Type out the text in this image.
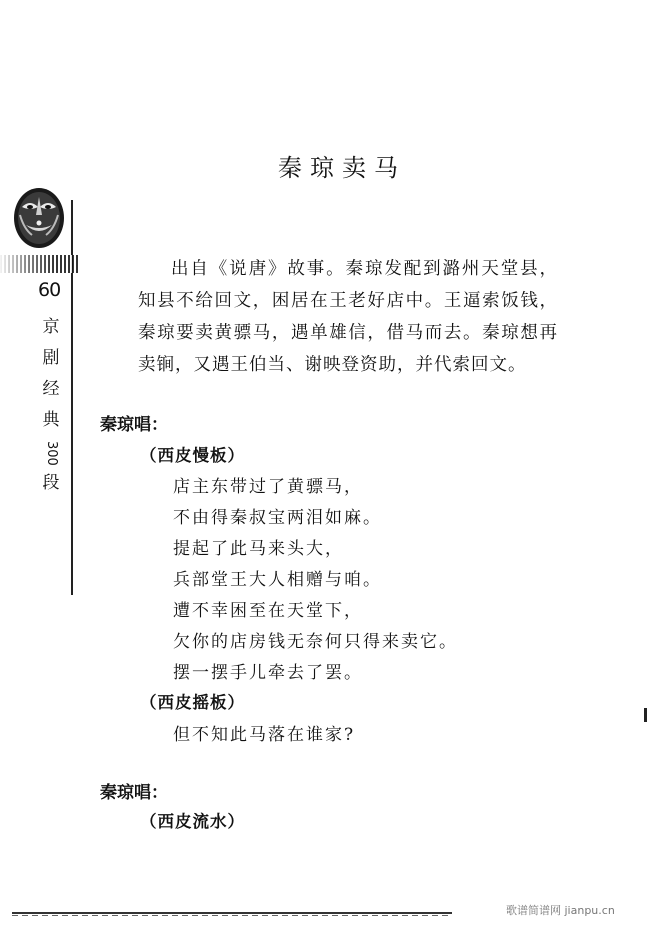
60
京
剧
经
典
300
段
秦琼卖马
出自《说唐》故事。秦琼发配到潞州天堂县，知县不给回文，困居在王老好店中。王逼索饭钱，秦琼要卖黄骠马，遇单雄信，借马而去。秦琼想再卖锏，又遇王伯当、谢映登资助，并代索回文。
秦琼唱：
（西皮慢板）
店主东带过了黄骠马，
不由得秦叔宝两泪如麻。
提起了此马来头大，
兵部堂王大人相赠与咱。
遭不幸困至在天堂下，
欠你的店房钱无奈何只得来卖它。
摆一摆手儿牵去了罢。
（西皮摇板）
但不知此马落在谁家?
秦琼唱：
（西皮流水）
歌谱简谱网 jianpu.cn
